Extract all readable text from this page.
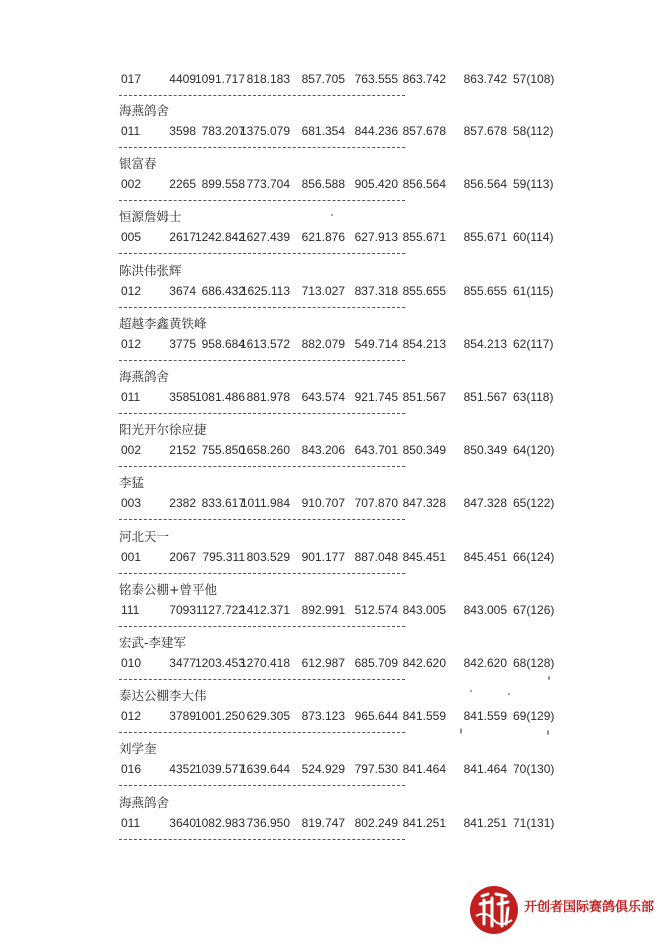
017 4409
1091.717 818.183 857.705 763.555 863.742 863.742 57(108)
海燕鸽舍
011 3598 783.207
1375.079 681.354 844.236 857.678 857.678 58(112)
银富春
002 2265 899.558 773.704 856.588 905.420 856.564 856.564 59(113)
恒源詹姆士
005 2617
1242.842
1627.439 621.876 627.913 855.671 855.671 60(114)
陈洪伟张辉
012 3674 686.432
1625.113 713.027 837.318 855.655 855.655 61(115)
超越李鑫黄铁峰
012 3775 958.684
1613.572 882.079 549.714 854.213 854.213 62(117)
海燕鸽舍
011 3585
1081.486 881.978 643.574 921.745 851.567 851.567 63(118)
阳光开尔徐应捷
002 2152 755.850
1658.260 843.206 643.701 850.349 850.349 64(120)
李猛
003 2382 833.617
1011.984 910.707 707.870 847.328 847.328 65(122)
河北天一
001 2067 795.311 803.529 901.177 887.048 845.451 845.451 66(124)
铭泰公棚+曾平他
111	7093 1127.722
1412.371 892.991 512.574 843.005 843.005 67(126)
宏武-李建军
010 3477
1203.453
1270.418 612.987 685.709 842.620 842.620 68(128)
泰达公棚李大伟
012 3789
1001.250 629.305 873.123 965.644 841.559 841.559 69(129)
刘学奎
016 4352
1039.577
1639.644 524.929 797.530 841.464 841.464 70(130)
海燕鸽舍
011 3640
1082.983 736.950 819.747 802.249 841.251 841.251 71(131)
开创者国际赛鸽俱乐部
